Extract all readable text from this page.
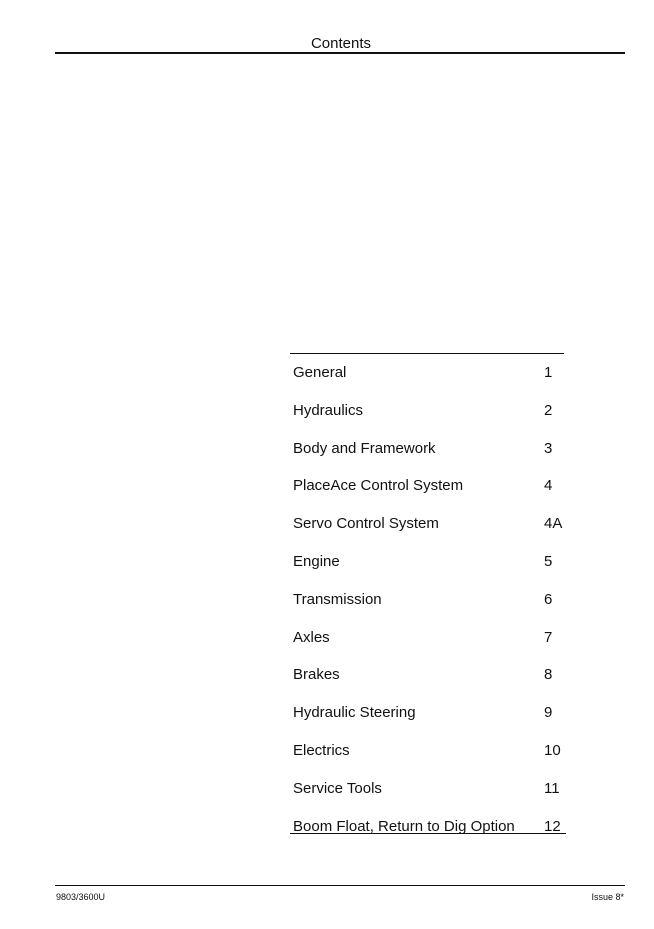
Contents
General	1
Hydraulics	2
Body and Framework	3
PlaceAce Control System	4
Servo Control System	4A
Engine	5
Transmission	6
Axles	7
Brakes	8
Hydraulic Steering	9
Electrics	10
Service Tools	11
Boom Float, Return to Dig Option 12
9803/3600U	Issue 8*
